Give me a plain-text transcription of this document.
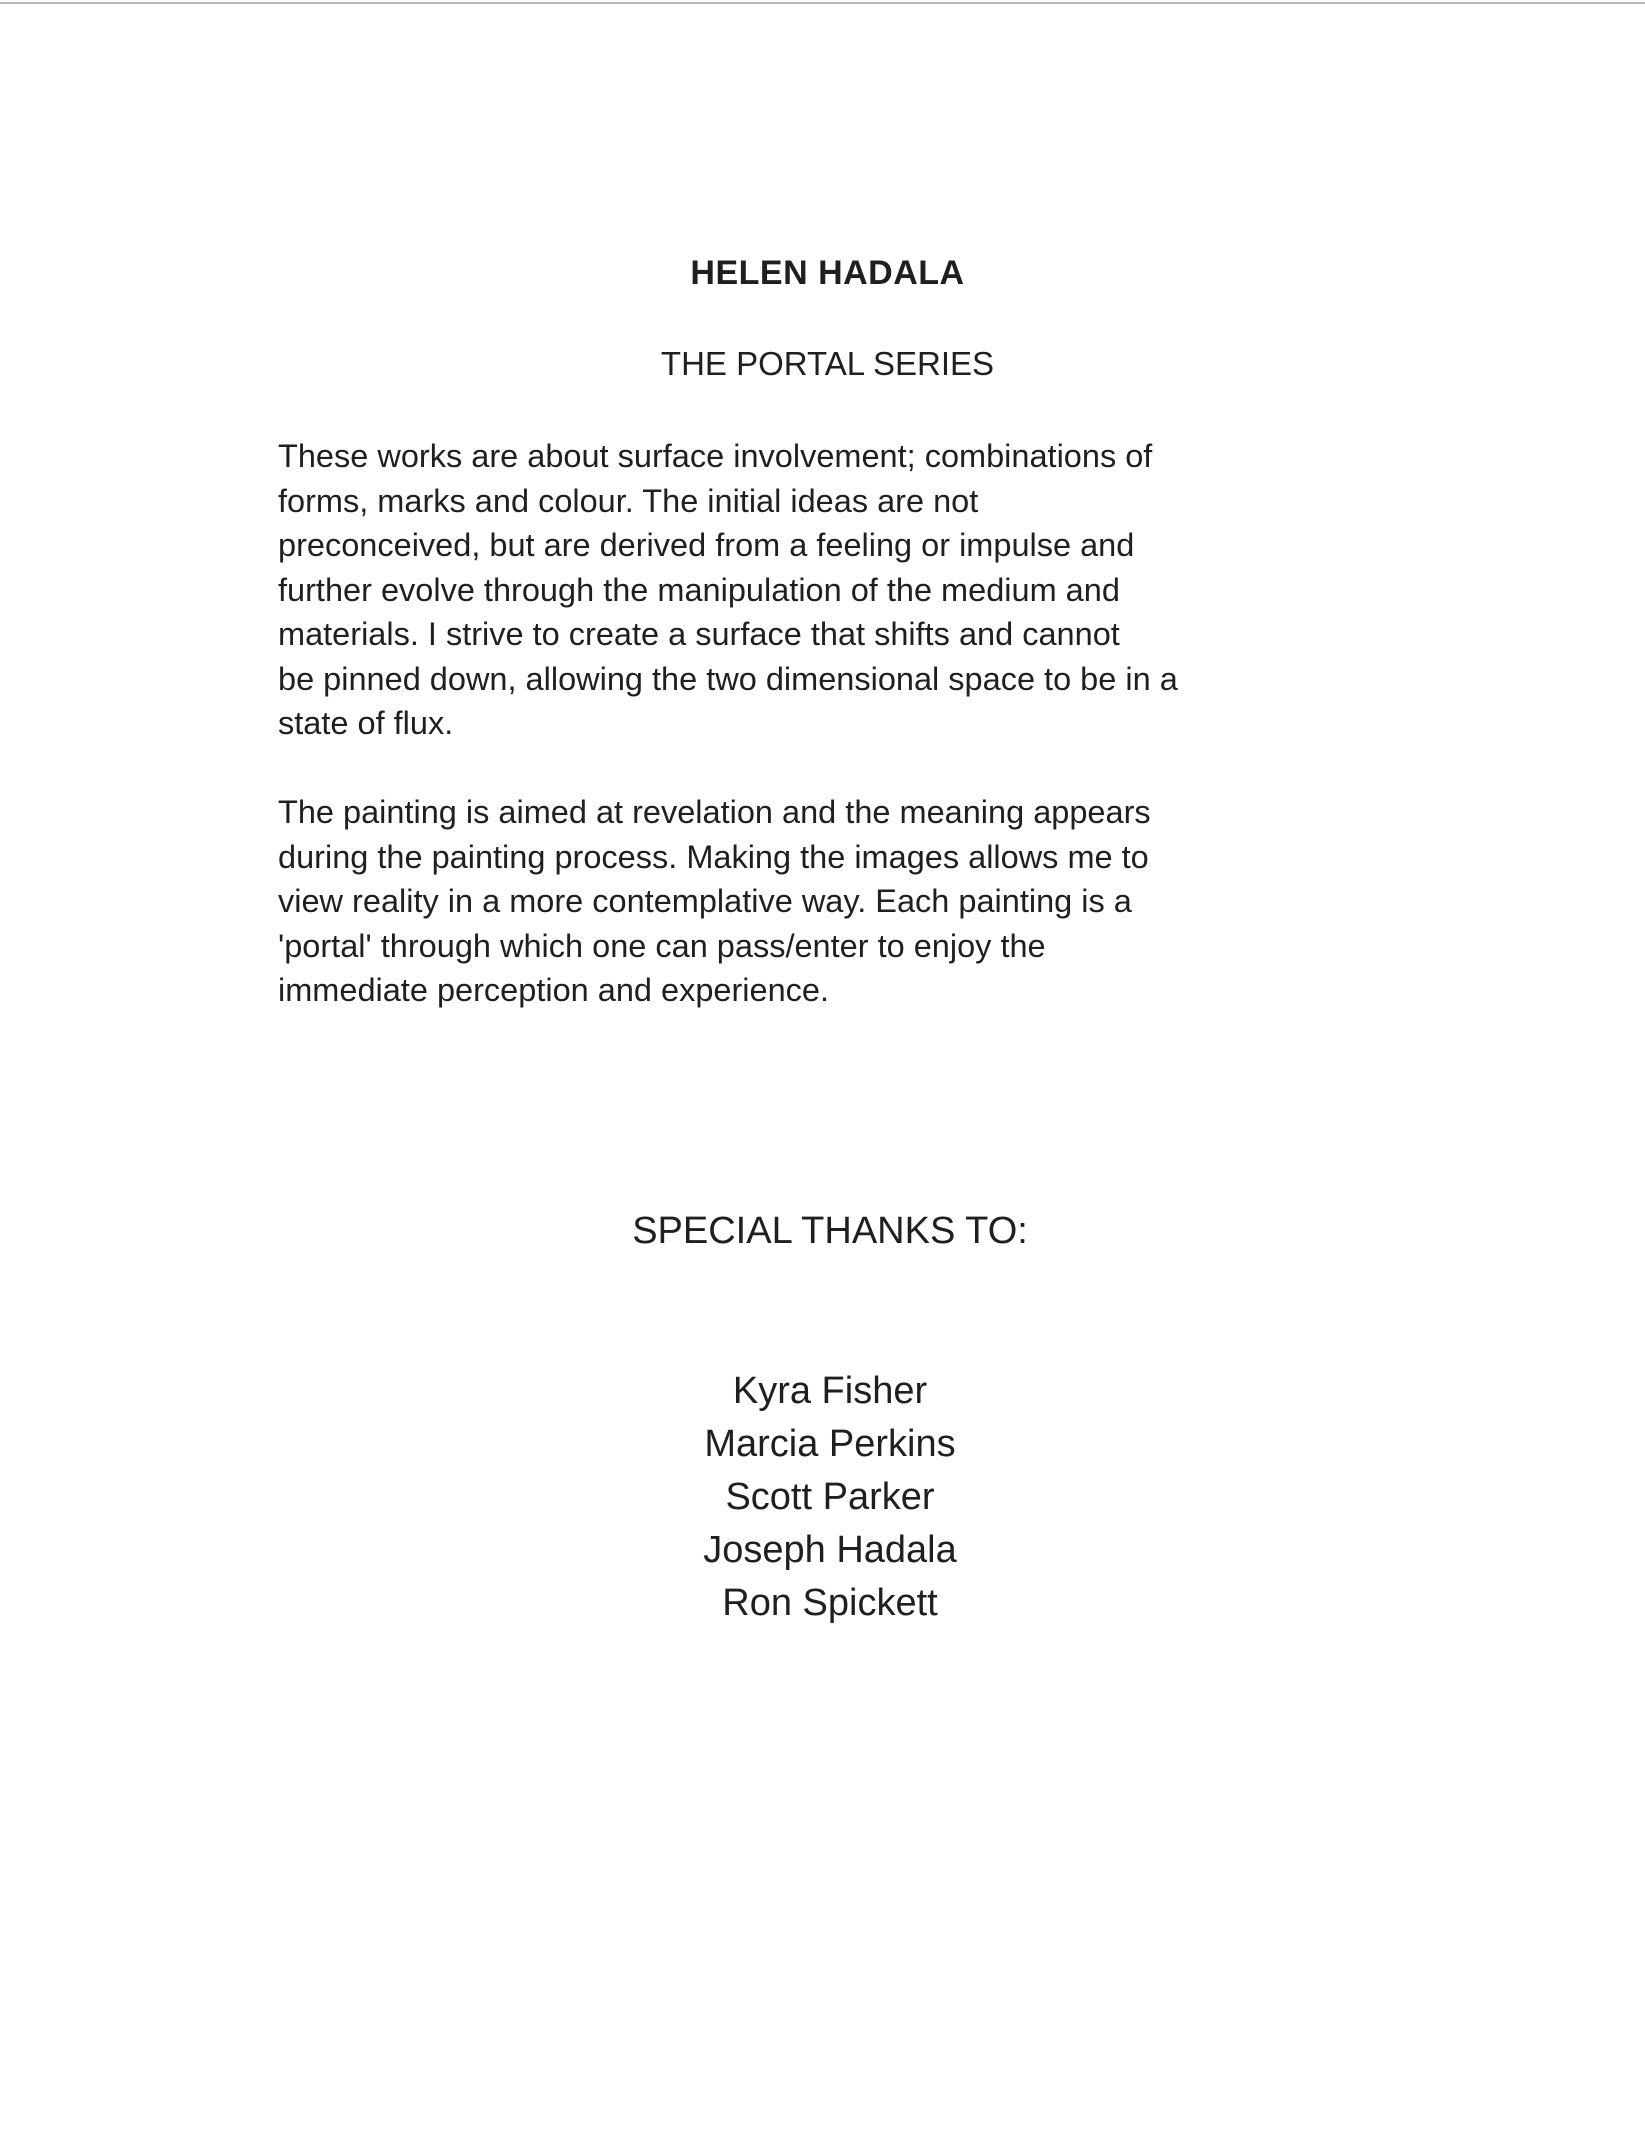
HELEN HADALA
THE PORTAL SERIES

These works are about surface involvement; combinations of
forms, marks and colour. The initial ideas are not
preconceived, but are derived from a feeling or impulse and
further evolve through the manipulation of the medium and
materials. I strive to create a surface that shifts and cannot
be pinned down, allowing the two dimensional space to be in a
state of flux.

The painting is aimed at revelation and the meaning appears
during the painting process. Making the images allows me to
view reality in a more contemplative way. Each painting is a
'portal' through which one can pass/enter to enjoy the
immediate perception and experience.

SPECIAL THANKS TO:
Kyra Fisher
Marcia Perkins
Scott Parker
Joseph Hadala
Ron Spickett
